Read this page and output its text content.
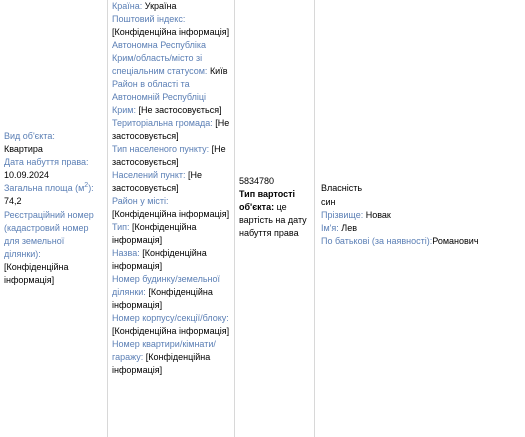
Вид об'єкта:
Квартира
Дата набуття права:
10.09.2024

Загальна площа $(м^2)$: 74,2

Реєстраційний номер (кадастровий номер для земельної ділянки): [Конфіденційна інформація]

Країна: Україна

Поштовий індекс: [Конфіденційна інформація]

Автономна Республіка Крим/область/місто зі спеціальним статусом: Київ

Район в області та Автономній Республіці Крим: [Не застосовується]

Територіальна громада: [Не застосовується]

Тип населеного пункту: [Не застосовується]

Населений пункт: [Не застосовується]

Район у місті: [Конфіденційна інформація]

Тип: [Конфіденційна інформація]

Назва: [Конфіденційна інформація]

Номер будинку/земельної ділянки: [Конфіденційна інформація]

Номер корпусу/секції/блоку: [Конфіденційна інформація]

Номер квартири/кімнати/гаражу: [Конфіденційна інформація]

5834780

Тип вартості об'єкта: це вартість на дату набуття права

Власність
син

Прізвище: Новак

Ім'я: Лев

По батькові (за наявності):Романович
